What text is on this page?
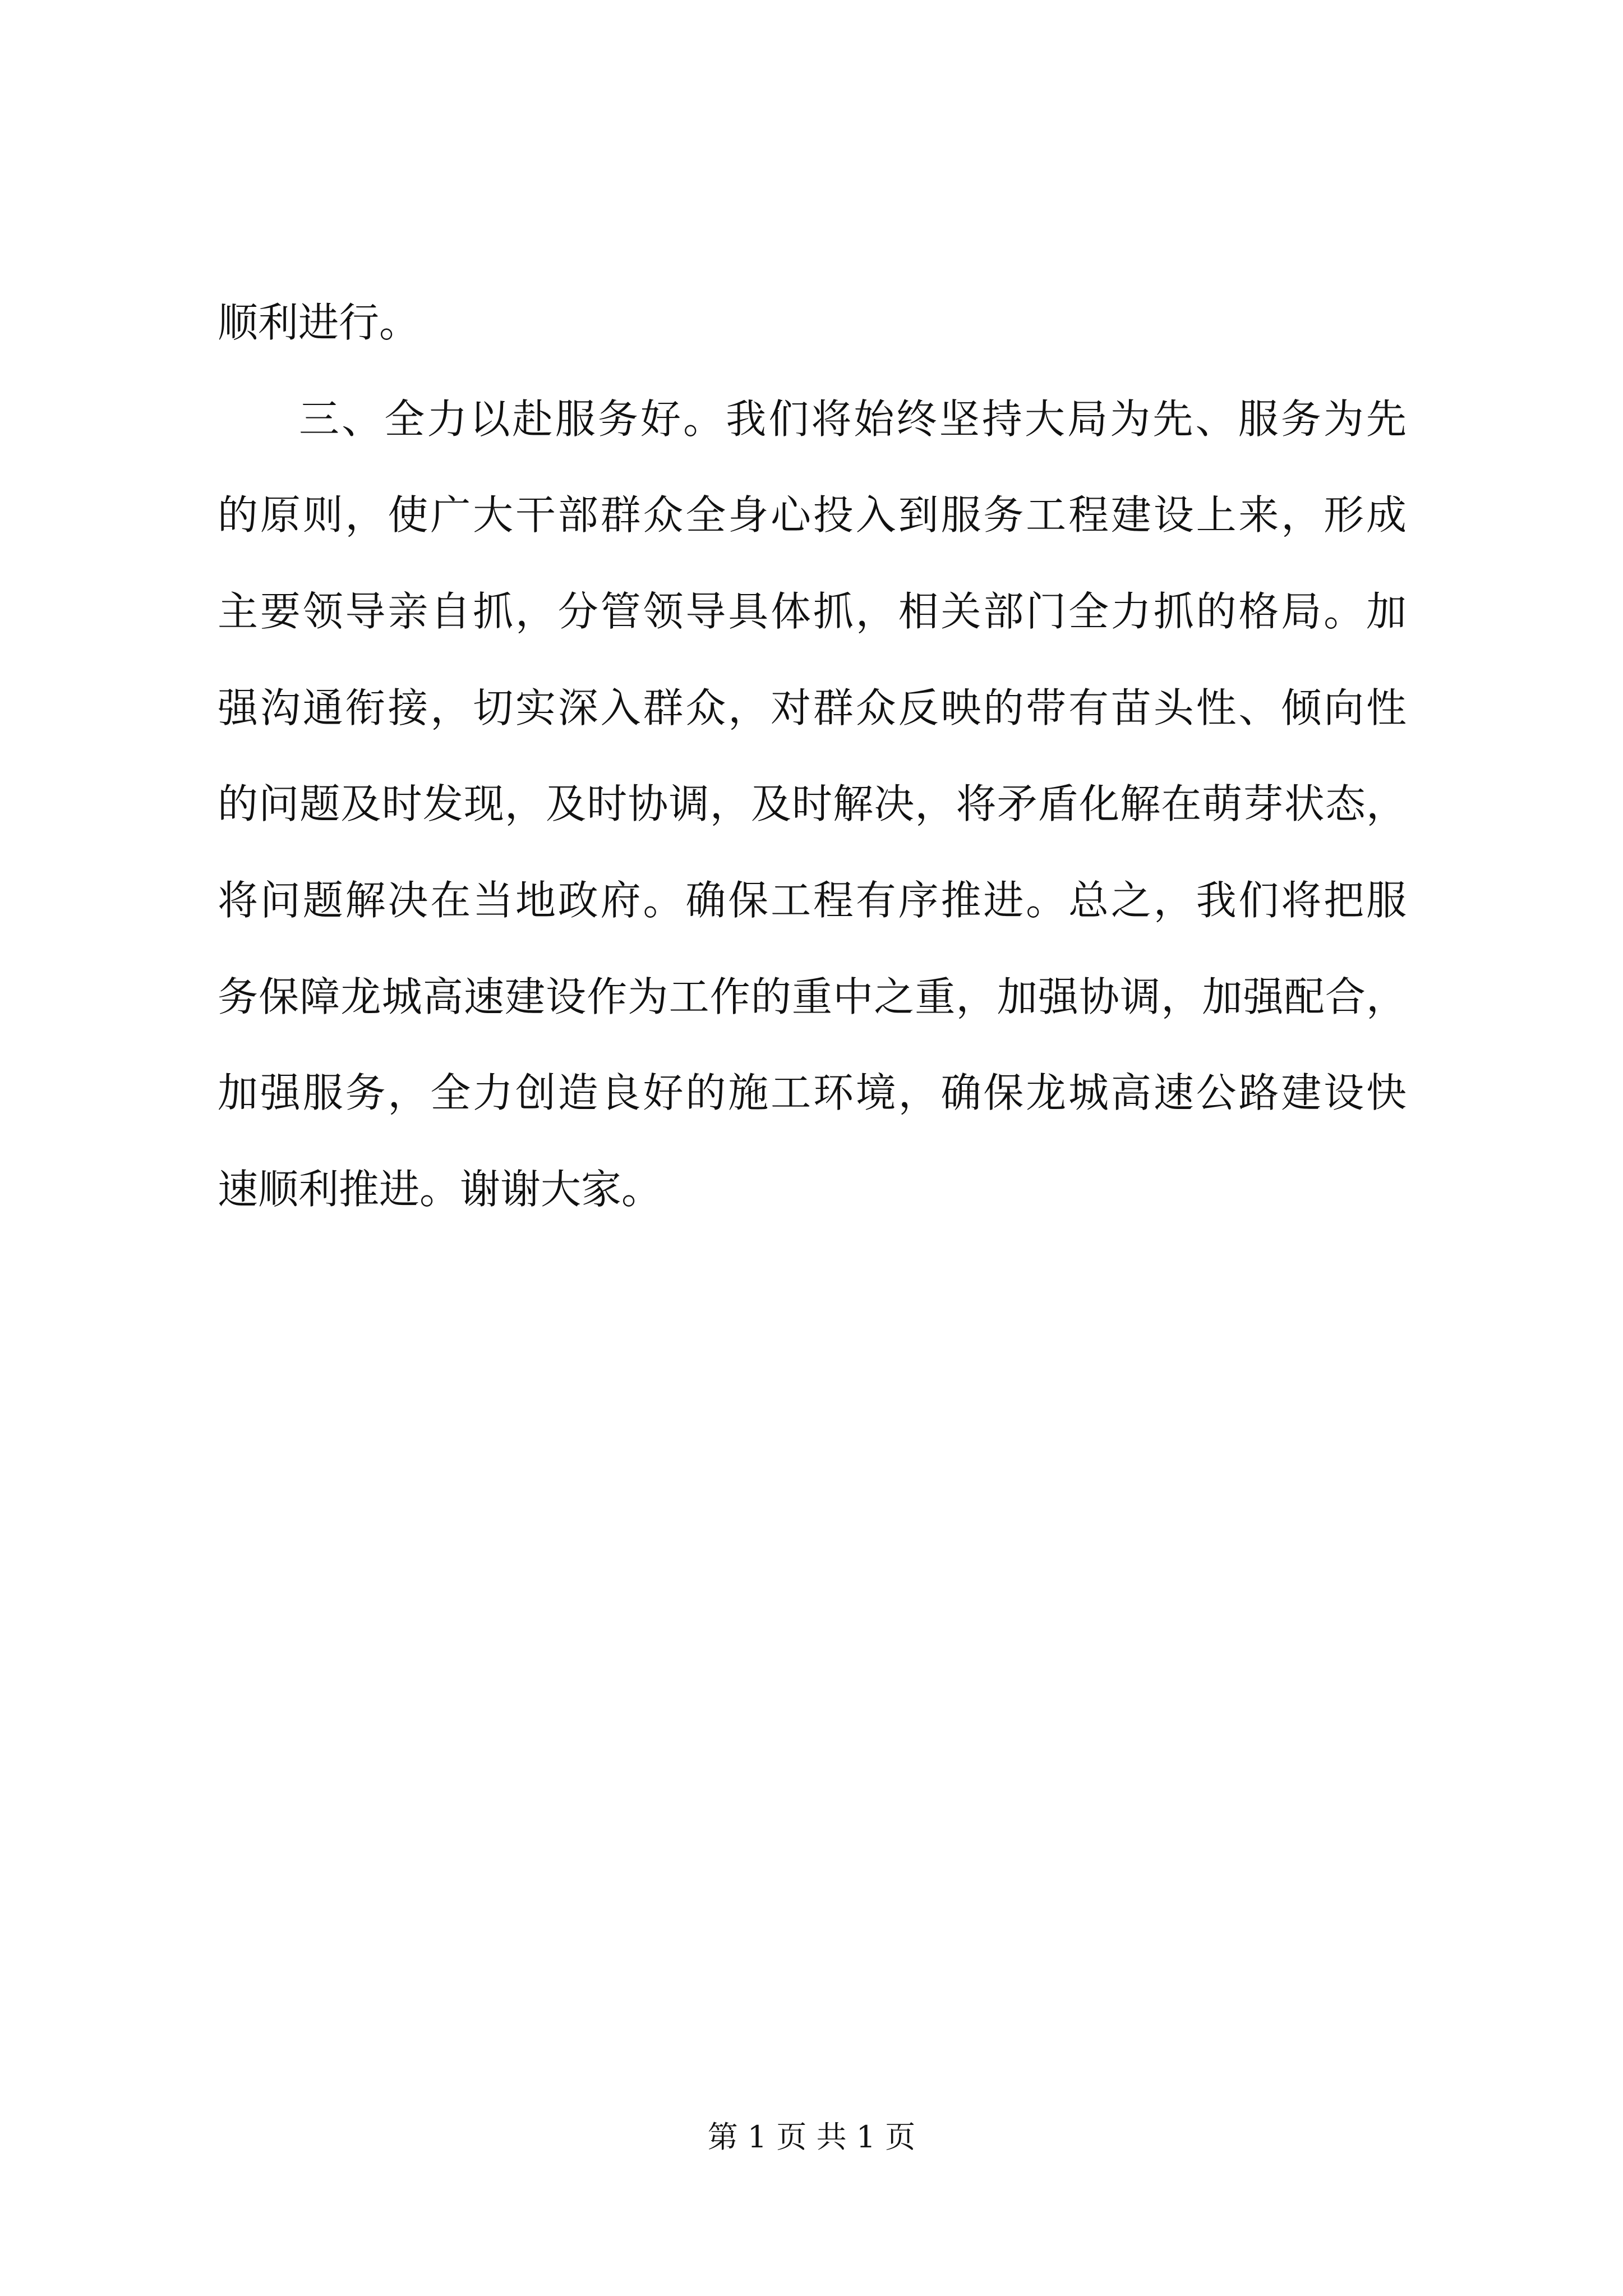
顺利进行。
三、全力以赴服务好。我们将始终坚持大局为先、服务为先
的原则，使广大干部群众全身心投入到服务工程建设上来，形成
主要领导亲自抓，分管领导具体抓，相关部门全力抓的格局。加
强沟通衔接，切实深入群众，对群众反映的带有苗头性、倾向性
的问题及时发现，及时协调，及时解决，将矛盾化解在萌芽状态，
将问题解决在当地政府。确保工程有序推进。总之，我们将把服
务保障龙城高速建设作为工作的重中之重，加强协调，加强配合，
加强服务，全力创造良好的施工环境，确保龙城高速公路建设快
速顺利推进。谢谢大家。
第 1 页 共 1 页
